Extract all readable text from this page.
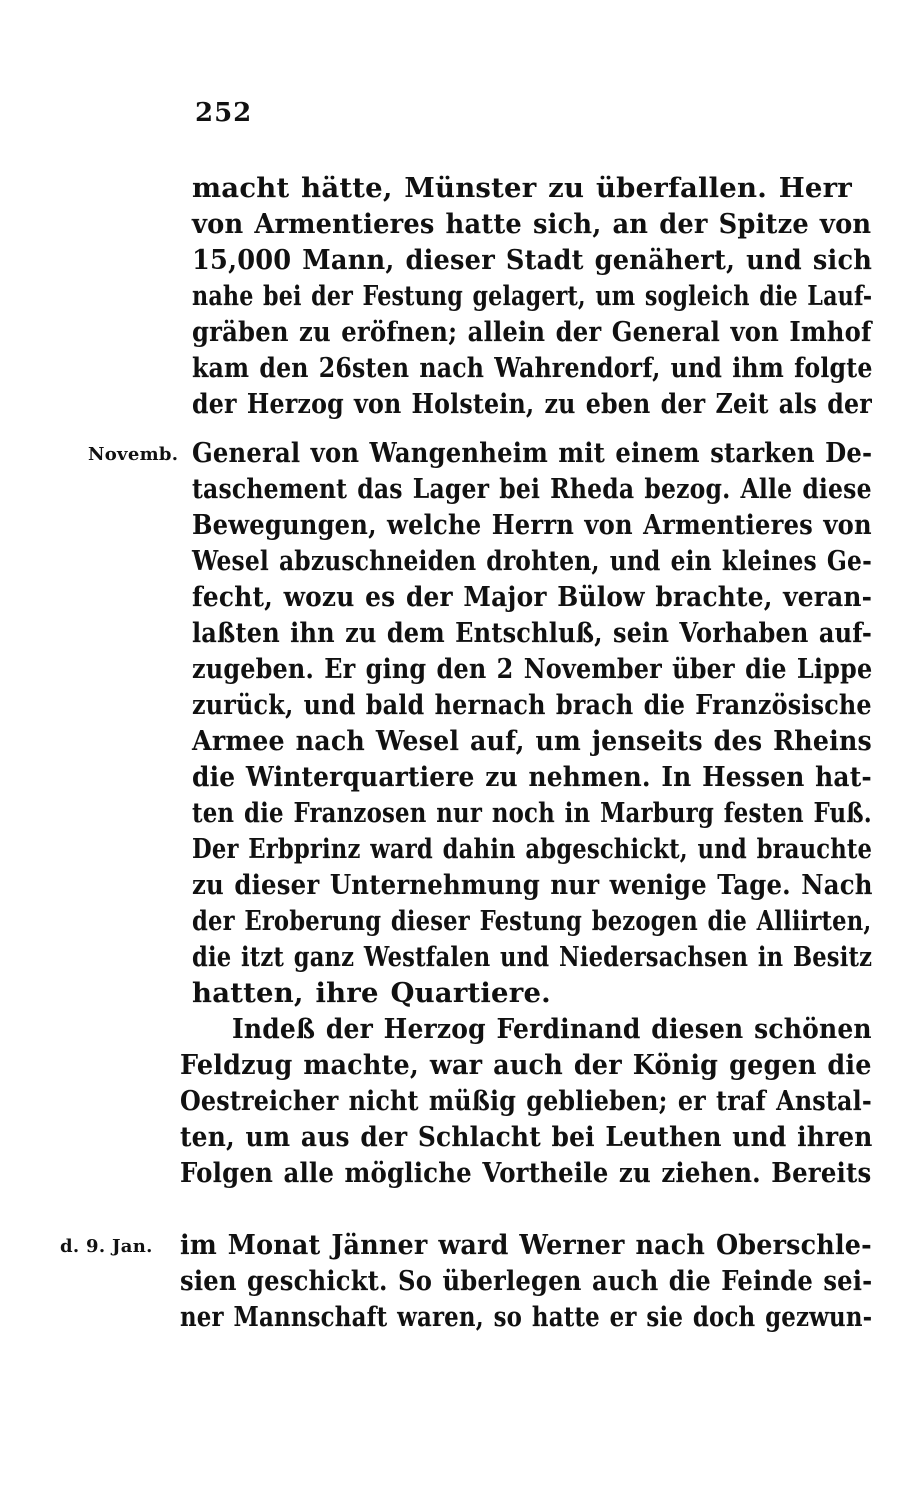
252
Novemb.
d. 9. Jan.
macht hätte, Münster zu überfallen. Herr
von Armentieres hatte sich, an der Spitze von
15,000 Mann, dieser Stadt genähert, und sich
nahe bei der Festung gelagert, um sogleich die Lauf-
gräben zu eröfnen; allein der General von Imhof
kam den 26sten nach Wahrendorf, und ihm folgte
der Herzog von Holstein, zu eben der Zeit als der
General von Wangenheim mit einem starken De-
taschement das Lager bei Rheda bezog. Alle diese
Bewegungen, welche Herrn von Armentieres von
Wesel abzuschneiden drohten, und ein kleines Ge-
fecht, wozu es der Major Bülow brachte, veran-
laßten ihn zu dem Entschluß, sein Vorhaben auf-
zugeben. Er ging den 2 November über die Lippe
zurück, und bald hernach brach die Französische
Armee nach Wesel auf, um jenseits des Rheins
die Winterquartiere zu nehmen. In Hessen hat-
ten die Franzosen nur noch in Marburg festen Fuß.
Der Erbprinz ward dahin abgeschickt, und brauchte
zu dieser Unternehmung nur wenige Tage. Nach
der Eroberung dieser Festung bezogen die Alliirten,
die itzt ganz Westfalen und Niedersachsen in Besitz
hatten, ihre Quartiere.
Indeß der Herzog Ferdinand diesen schönen
Feldzug machte, war auch der König gegen die
Oestreicher nicht müßig geblieben; er traf Anstal-
ten, um aus der Schlacht bei Leuthen und ihren
Folgen alle mögliche Vortheile zu ziehen. Bereits
im Monat Jänner ward Werner nach Oberschle-
sien geschickt. So überlegen auch die Feinde sei-
ner Mannschaft waren, so hatte er sie doch gezwun-
